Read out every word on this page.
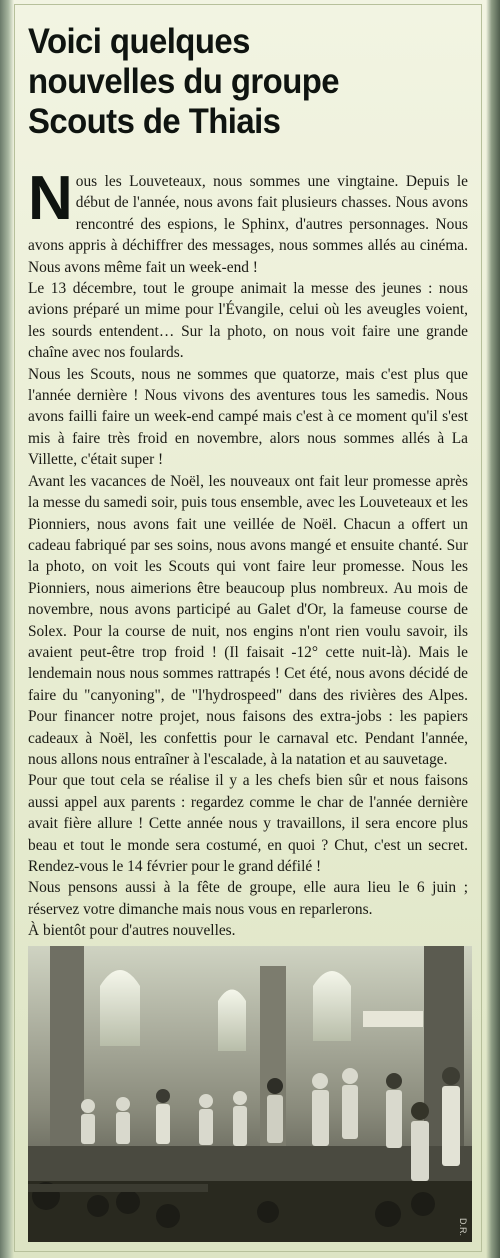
Voici quelques
nouvelles du groupe
Scouts de Thiais

Nous les Louveteaux, nous sommes une vingtaine. Depuis le début de l'année, nous avons fait plusieurs chasses. Nous avons rencontré des espions, le Sphinx, d'autres personnages. Nous avons appris à déchiffrer des messages, nous sommes allés au cinéma. Nous avons même fait un week-end !

Le 13 décembre, tout le groupe animait la messe des jeunes : nous avions préparé un mime pour l'Évangile, celui où les aveugles voient, les sourds entendent… Sur la photo, on nous voit faire une grande chaîne avec nos foulards.

Nous les Scouts, nous ne sommes que quatorze, mais c'est plus que l'année dernière ! Nous vivons des aventures tous les samedis. Nous avons failli faire un week-end campé mais c'est à ce moment qu'il s'est mis à faire très froid en novembre, alors nous sommes allés à La Villette, c'était super !

Avant les vacances de Noël, les nouveaux ont fait leur promesse après la messe du samedi soir, puis tous ensemble, avec les Louveteaux et les Pionniers, nous avons fait une veillée de Noël. Chacun a offert un cadeau fabriqué par ses soins, nous avons mangé et ensuite chanté. Sur la photo, on voit les Scouts qui vont faire leur promesse. Nous les Pionniers, nous aimerions être beaucoup plus nombreux. Au mois de novembre, nous avons participé au Galet d'Or, la fameuse course de Solex. Pour la course de nuit, nos engins n'ont rien voulu savoir, ils avaient peut-être trop froid ! (Il faisait -12° cette nuit-là). Mais le lendemain nous nous sommes rattrapés ! Cet été, nous avons décidé de faire du "canyoning", de "l'hydrospeed" dans des rivières des Alpes. Pour financer notre projet, nous faisons des extra-jobs : les papiers cadeaux à Noël, les confettis pour le carnaval etc. Pendant l'année, nous allons nous entraîner à l'escalade, à la natation et au sauvetage.

Pour que tout cela se réalise il y a les chefs bien sûr et nous faisons aussi appel aux parents : regardez comme le char de l'année dernière avait fière allure ! Cette année nous y travaillons, il sera encore plus beau et tout le monde sera costumé, en quoi ? Chut, c'est un secret. Rendez-vous le 14 février pour le grand défilé !

Nous pensons aussi à la fête de groupe, elle aura lieu le 6 juin ; réservez votre dimanche mais nous vous en reparlerons.

À bientôt pour d'autres nouvelles.

D.R.
